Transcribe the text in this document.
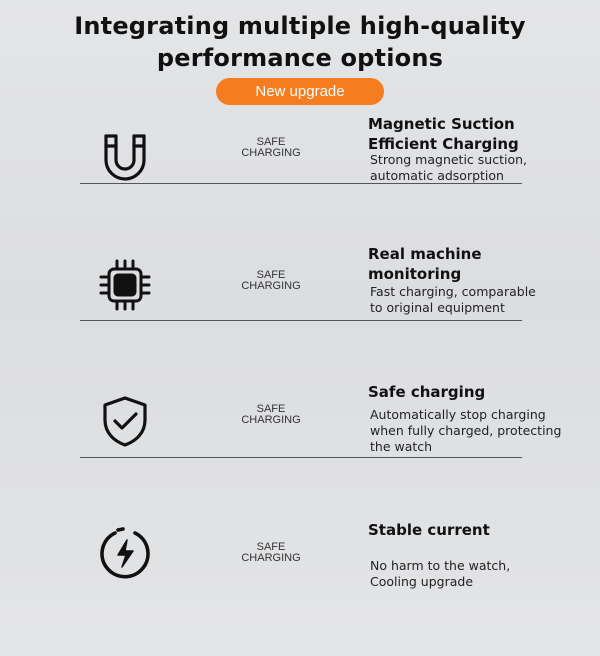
Integrating multiple high-quality
performance options
New upgrade
SAFE
CHARGING
Magnetic Suction
Efficient Charging
Strong magnetic suction,
automatic adsorption
SAFE
CHARGING
Real machine
monitoring
Fast charging, comparable
to original equipment
SAFE
CHARGING
Safe charging
Automatically stop charging
when fully charged, protecting
the watch
SAFE
CHARGING
Stable current
No harm to the watch,
Cooling upgrade
